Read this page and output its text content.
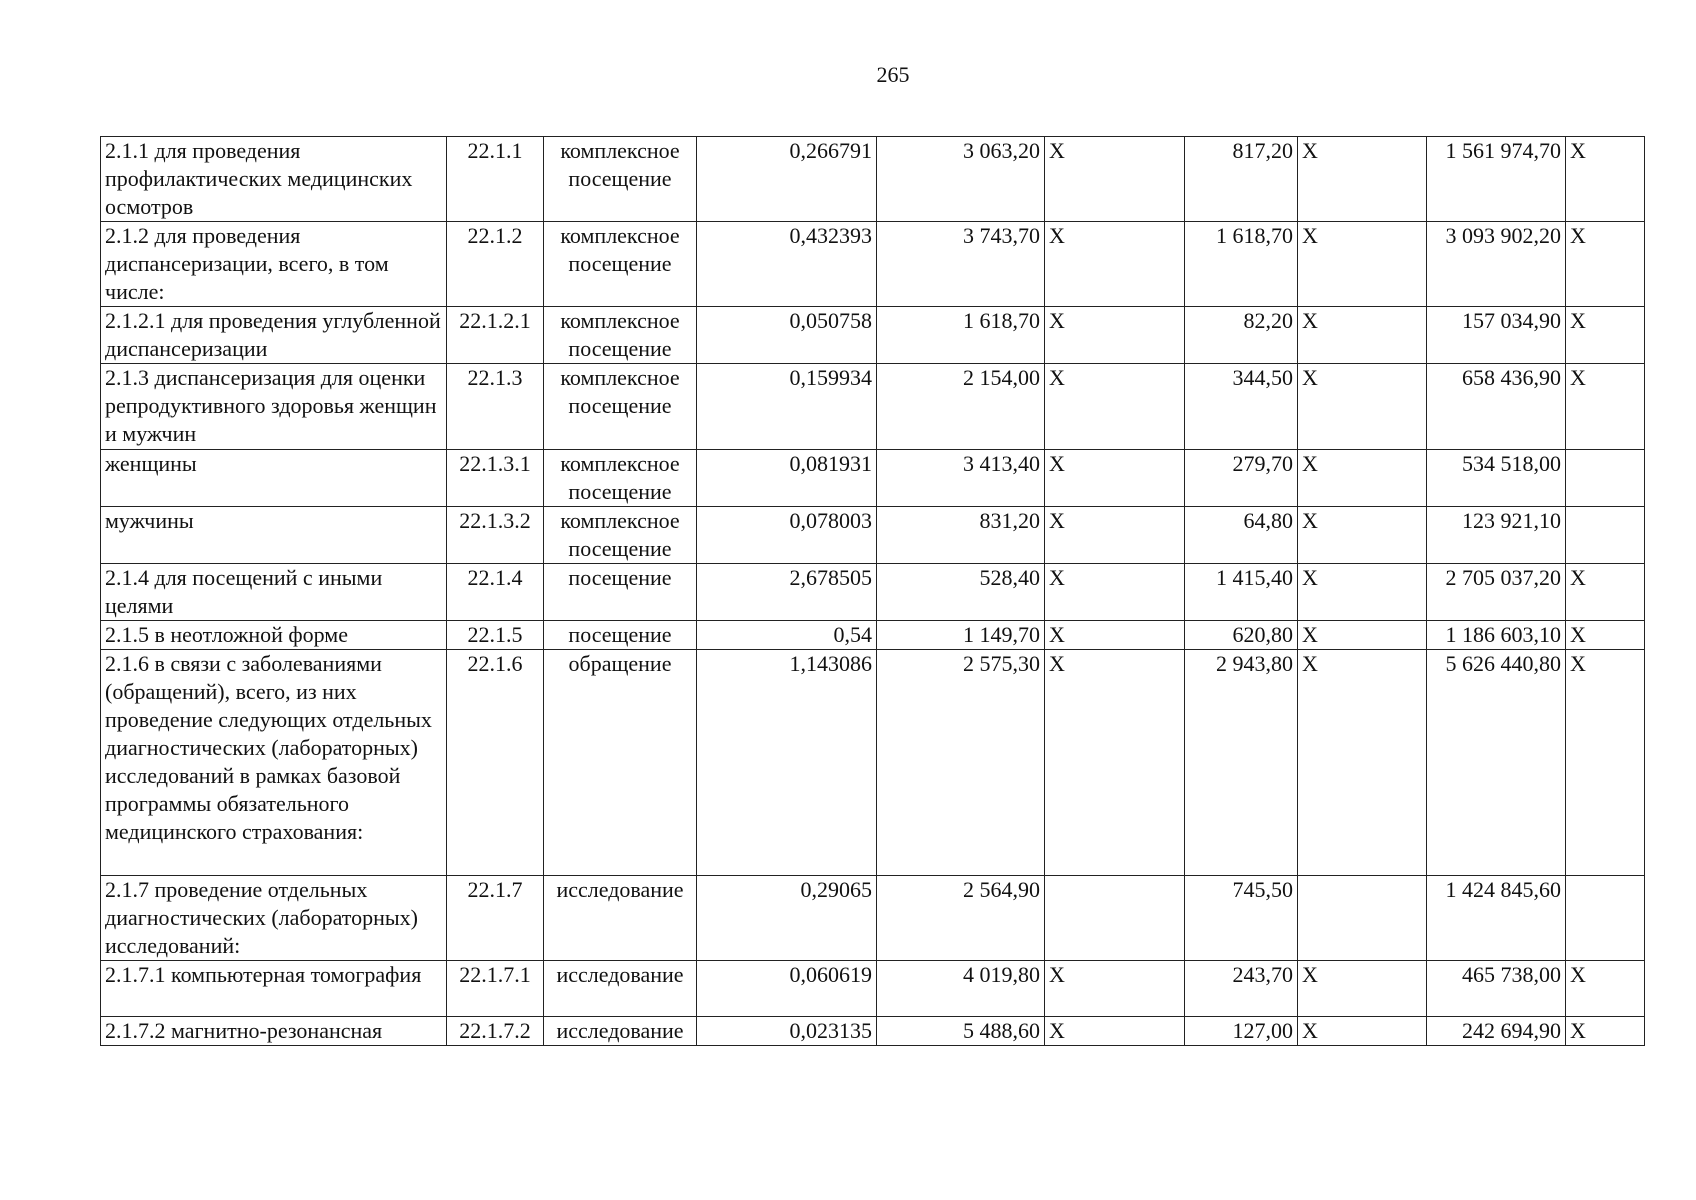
265
2.1.1 для проведения профилактических медицинских осмотров	22.1.1	комплексное посещение	0,266791	3 063,20	Х	817,20	Х	1 561 974,70	Х
2.1.2 для проведения диспансеризации, всего, в том числе:	22.1.2	комплексное посещение	0,432393	3 743,70	Х	1 618,70	Х	3 093 902,20	Х
2.1.2.1 для проведения углубленной диспансеризации	22.1.2.1	комплексное посещение	0,050758	1 618,70	Х	82,20	Х	157 034,90	Х
2.1.3 диспансеризация для оценки репродуктивного здоровья женщин и мужчин	22.1.3	комплексное посещение	0,159934	2 154,00	Х	344,50	Х	658 436,90	Х
женщины	22.1.3.1	комплексное посещение	0,081931	3 413,40	Х	279,70	Х	534 518,00	
мужчины	22.1.3.2	комплексное посещение	0,078003	831,20	Х	64,80	Х	123 921,10	
2.1.4 для посещений с иными целями	22.1.4	посещение	2,678505	528,40	Х	1 415,40	Х	2 705 037,20	Х
2.1.5 в неотложной форме	22.1.5	посещение	0,54	1 149,70	Х	620,80	Х	1 186 603,10	Х
2.1.6 в связи с заболеваниями (обращений), всего, из них проведение следующих отдельных диагностических (лабораторных) исследований в рамках базовой программы обязательного медицинского страхования:	22.1.6	обращение	1,143086	2 575,30	Х	2 943,80	Х	5 626 440,80	Х
2.1.7 проведение отдельных диагностических (лабораторных) исследований:	22.1.7	исследование	0,29065	2 564,90		745,50		1 424 845,60	
2.1.7.1 компьютерная томография	22.1.7.1	исследование	0,060619	4 019,80	Х	243,70	Х	465 738,00	Х
2.1.7.2 магнитно-резонансная	22.1.7.2	исследование	0,023135	5 488,60	Х	127,00	Х	242 694,90	Х
